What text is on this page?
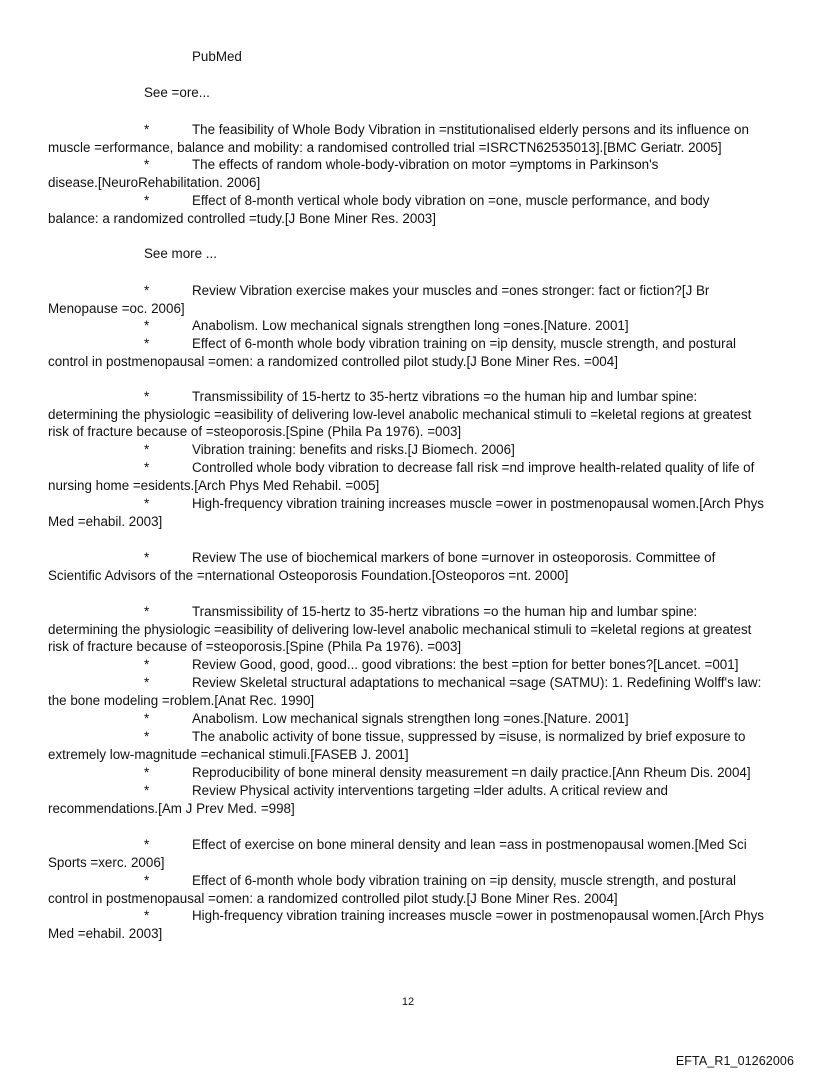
PubMed
See =ore...
*	The feasibility of Whole Body Vibration in =nstitutionalised elderly persons and its influence on
muscle =erformance, balance and mobility: a randomised controlled trial =ISRCTN62535013].[BMC Geriatr. 2005]
*	The effects of random whole-body-vibration on motor =ymptoms in Parkinson's
disease.[NeuroRehabilitation. 2006]
*	Effect of 8-month vertical whole body vibration on =one, muscle performance, and body
balance: a randomized controlled =tudy.[J Bone Miner Res. 2003]
See more ...
*	Review Vibration exercise makes your muscles and =ones stronger: fact or fiction?[J Br
Menopause =oc. 2006]
*	Anabolism. Low mechanical signals strengthen long =ones.[Nature. 2001]
*	Effect of 6-month whole body vibration training on =ip density, muscle strength, and postural
control in postmenopausal =omen: a randomized controlled pilot study.[J Bone Miner Res. =004]
*	Transmissibility of 15-hertz to 35-hertz vibrations =o the human hip and lumbar spine:
determining the physiologic =easibility of delivering low-level anabolic mechanical stimuli to =keletal regions at greatest
risk of fracture because of =steoporosis.[Spine (Phila Pa 1976). =003]
*	Vibration training: benefits and risks.[J Biomech. 2006]
*	Controlled whole body vibration to decrease fall risk =nd improve health-related quality of life of
nursing home =esidents.[Arch Phys Med Rehabil. =005]
*	High-frequency vibration training increases muscle =ower in postmenopausal women.[Arch Phys
Med =ehabil. 2003]
*	Review The use of biochemical markers of bone =urnover in osteoporosis. Committee of
Scientific Advisors of the =nternational Osteoporosis Foundation.[Osteoporos =nt. 2000]
*	Transmissibility of 15-hertz to 35-hertz vibrations =o the human hip and lumbar spine:
determining the physiologic =easibility of delivering low-level anabolic mechanical stimuli to =keletal regions at greatest
risk of fracture because of =steoporosis.[Spine (Phila Pa 1976). =003]
*	Review Good, good, good... good vibrations: the best =ption for better bones?[Lancet. =001]
*	Review Skeletal structural adaptations to mechanical =sage (SATMU): 1. Redefining Wolff's law:
the bone modeling =roblem.[Anat Rec. 1990]
*	Anabolism. Low mechanical signals strengthen long =ones.[Nature. 2001]
*	The anabolic activity of bone tissue, suppressed by =isuse, is normalized by brief exposure to
extremely low-magnitude =echanical stimuli.[FASEB J. 2001]
*	Reproducibility of bone mineral density measurement =n daily practice.[Ann Rheum Dis. 2004]
*	Review Physical activity interventions targeting =lder adults. A critical review and
recommendations.[Am J Prev Med. =998]
*	Effect of exercise on bone mineral density and lean =ass in postmenopausal women.[Med Sci
Sports =xerc. 2006]
*	Effect of 6-month whole body vibration training on =ip density, muscle strength, and postural
control in postmenopausal =omen: a randomized controlled pilot study.[J Bone Miner Res. 2004]
*	High-frequency vibration training increases muscle =ower in postmenopausal women.[Arch Phys
Med =ehabil. 2003]
12
EFTA_R1_01262006
